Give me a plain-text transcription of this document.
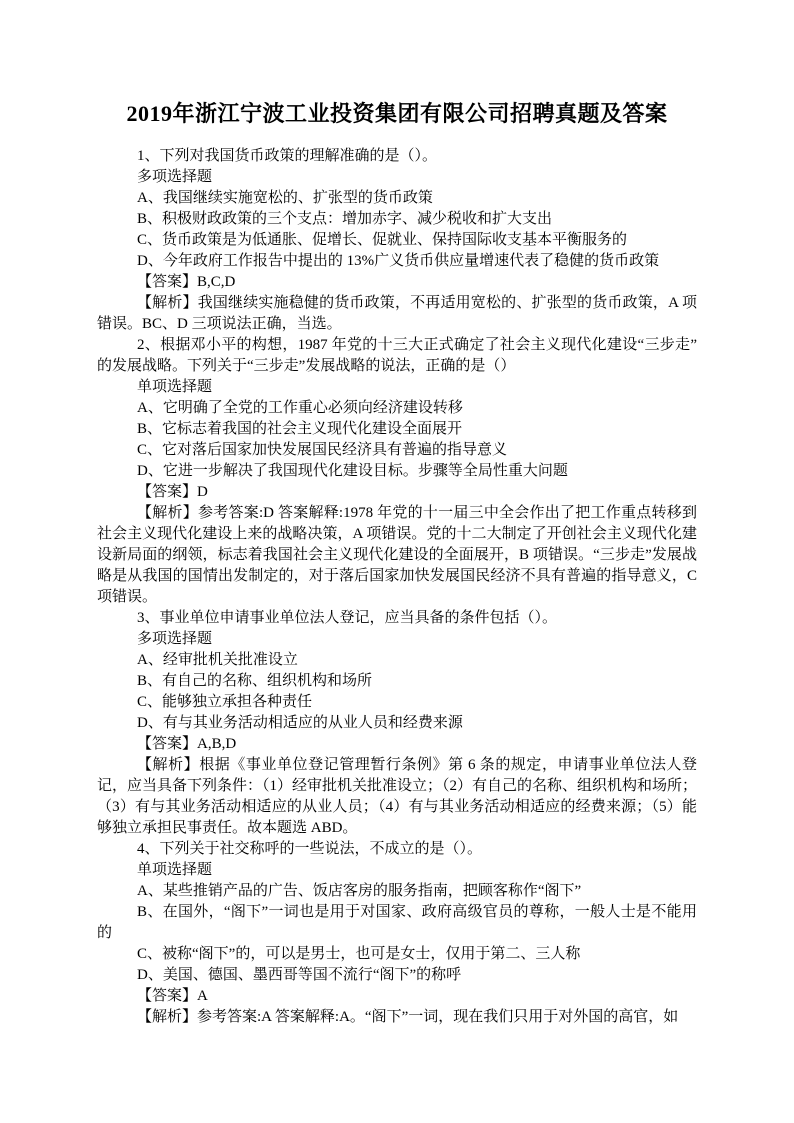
2019年浙江宁波工业投资集团有限公司招聘真题及答案

1、下列对我国货币政策的理解准确的是（）。

多项选择题

A、我国继续实施宽松的、扩张型的货币政策

B、积极财政政策的三个支点：增加赤字、减少税收和扩大支出

C、货币政策是为低通胀、促增长、促就业、保持国际收支基本平衡服务的

D、今年政府工作报告中提出的 13%广义货币供应量增速代表了稳健的货币政策

【答案】B,C,D

【解析】我国继续实施稳健的货币政策，不再适用宽松的、扩张型的货币政策，A 项错误。BC、D 三项说法正确，当选。

2、根据邓小平的构想，1987 年党的十三大正式确定了社会主义现代化建设“三步走”的发展战略。下列关于“三步走”发展战略的说法，正确的是（）

单项选择题

A、它明确了全党的工作重心必须向经济建设转移

B、它标志着我国的社会主义现代化建设全面展开

C、它对落后国家加快发展国民经济具有普遍的指导意义

D、它进一步解决了我国现代化建设目标。步骤等全局性重大问题

【答案】D

【解析】参考答案:D 答案解释:1978 年党的十一届三中全会作出了把工作重点转移到社会主义现代化建设上来的战略决策，A 项错误。党的十二大制定了开创社会主义现代化建设新局面的纲领，标志着我国社会主义现代化建设的全面展开，B 项错误。“三步走”发展战略是从我国的国情出发制定的，对于落后国家加快发展国民经济不具有普遍的指导意义，C 项错误。

3、事业单位申请事业单位法人登记，应当具备的条件包括（）。

多项选择题

A、经审批机关批准设立

B、有自己的名称、组织机构和场所

C、能够独立承担各种责任

D、有与其业务活动相适应的从业人员和经费来源

【答案】A,B,D

【解析】根据《事业单位登记管理暂行条例》第 6 条的规定，申请事业单位法人登记，应当具备下列条件：（1）经审批机关批准设立；（2）有自己的名称、组织机构和场所；（3）有与其业务活动相适应的从业人员；（4）有与其业务活动相适应的经费来源；（5）能够独立承担民事责任。故本题选 ABD。

4、下列关于社交称呼的一些说法，不成立的是（）。

单项选择题

A、某些推销产品的广告、饭店客房的服务指南，把顾客称作“阁下”

B、在国外，“阁下”一词也是用于对国家、政府高级官员的尊称，一般人士是不能用的

C、被称“阁下”的，可以是男士，也可是女士，仅用于第二、三人称

D、美国、德国、墨西哥等国不流行“阁下”的称呼

【答案】A

【解析】参考答案:A 答案解释:A。“阁下”一词，现在我们只用于对外国的高官，如
